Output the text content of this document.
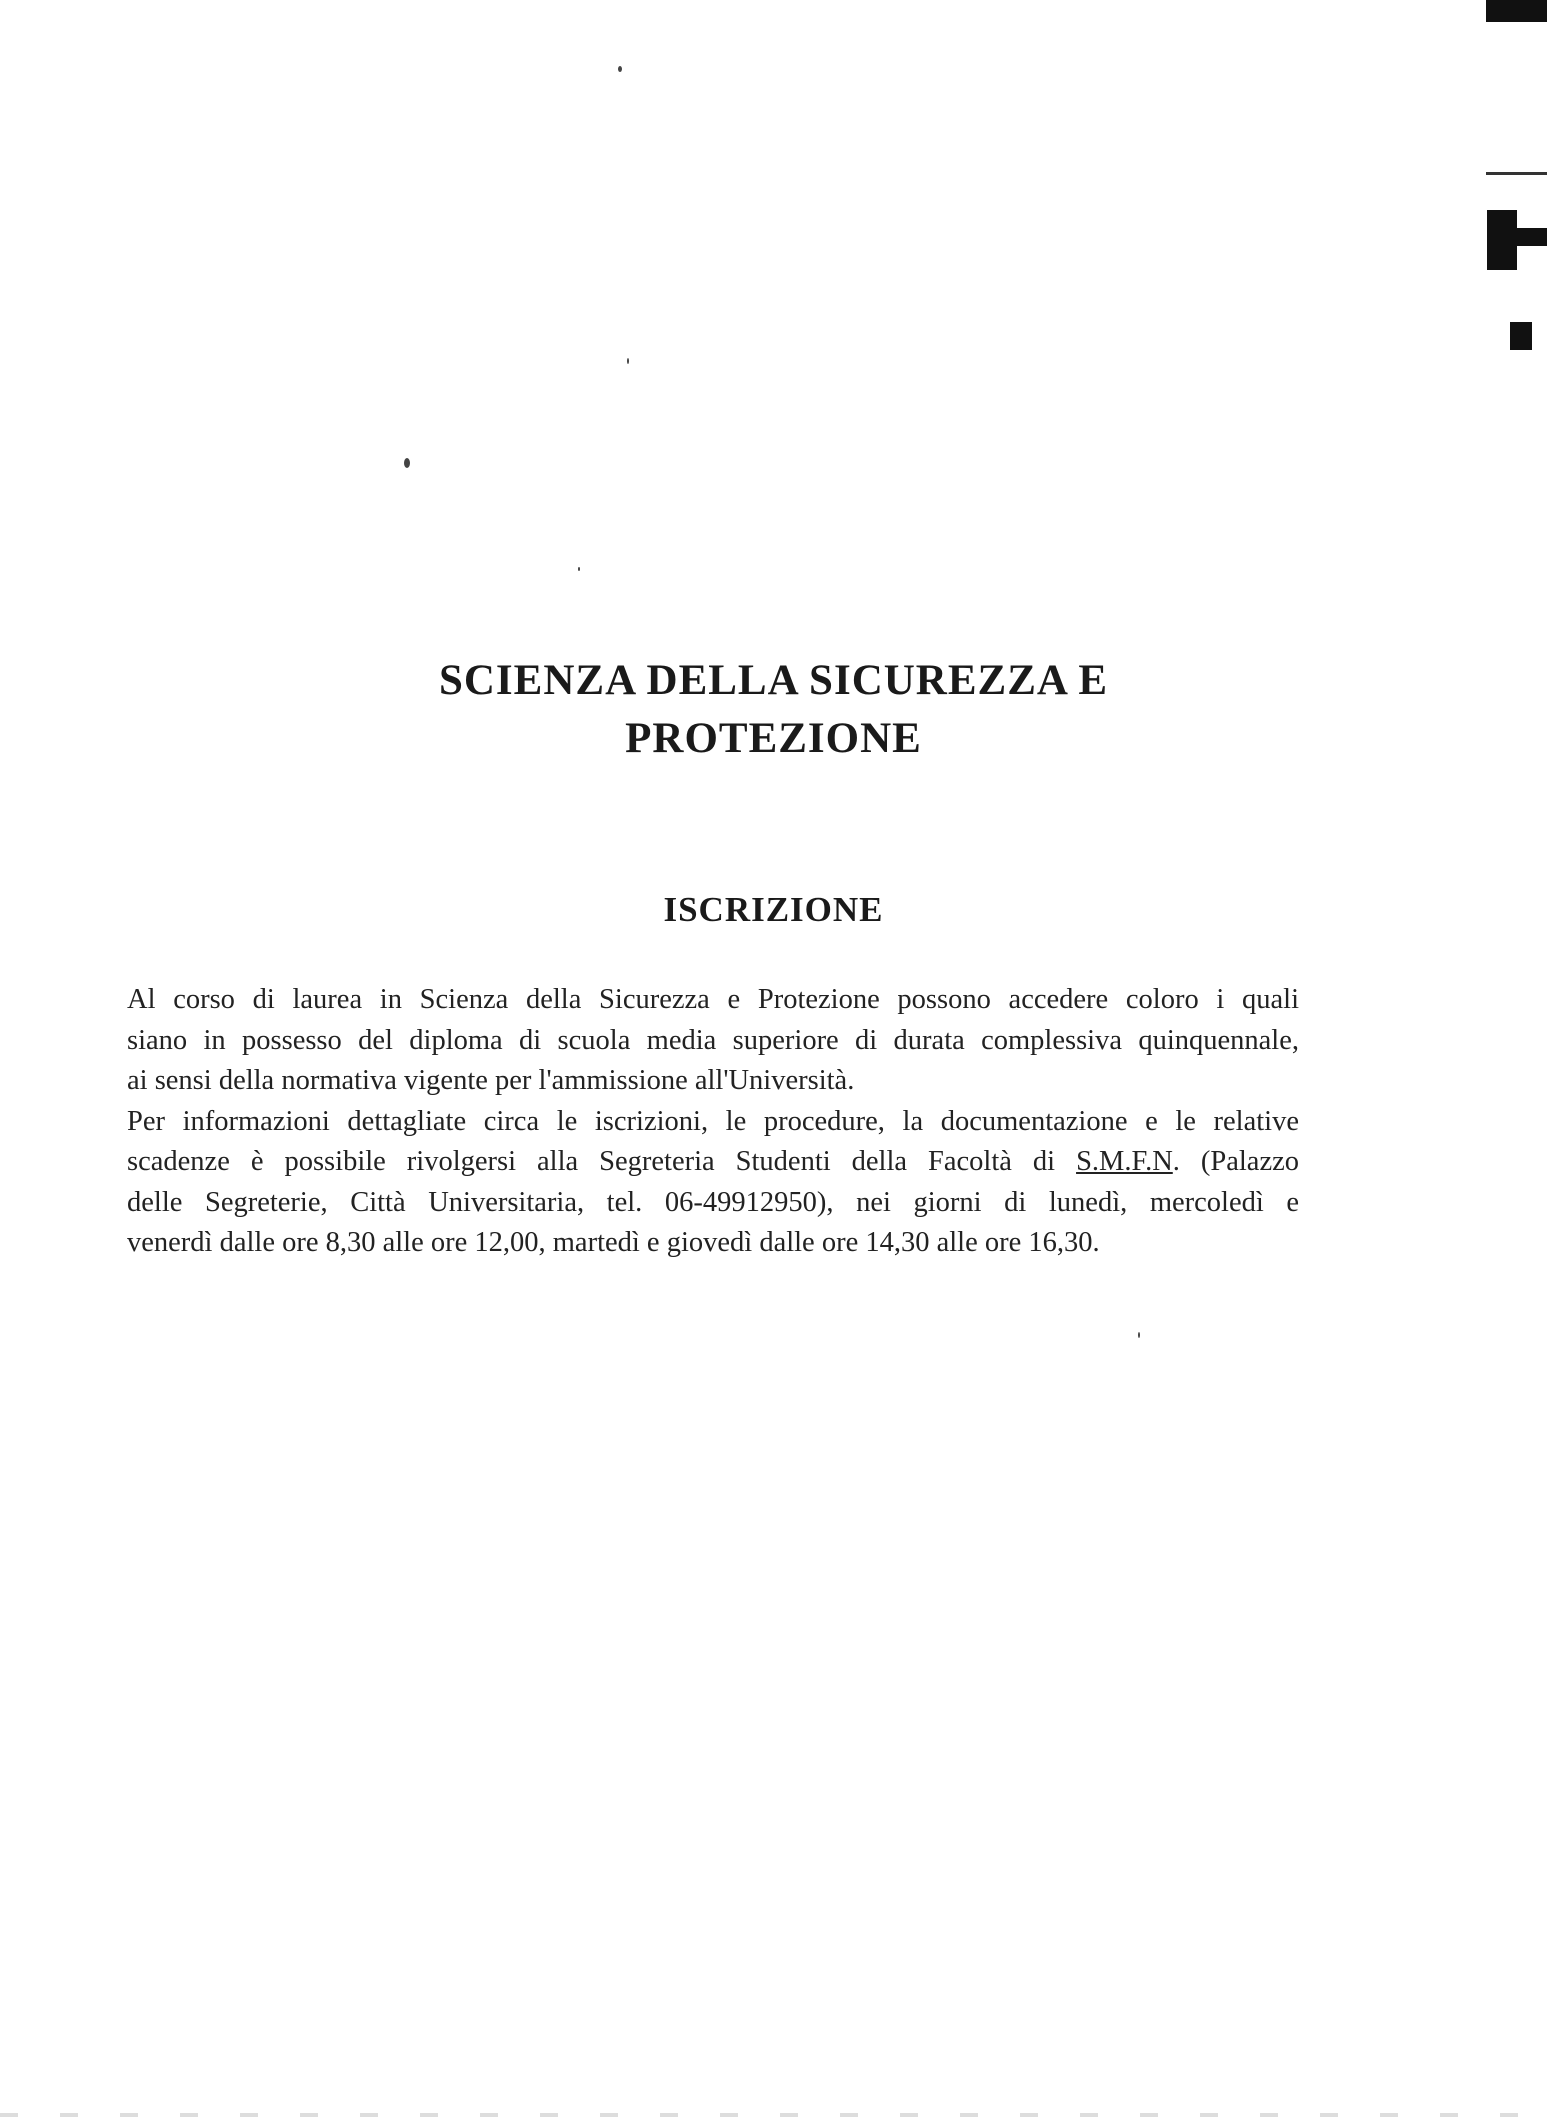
SCIENZA DELLA SICUREZZA E
PROTEZIONE
ISCRIZIONE
Al corso di laurea in Scienza della Sicurezza e Protezione possono accedere coloro i quali
siano in possesso del diploma di scuola media superiore di durata complessiva quinquennale,
ai sensi della normativa vigente per l'ammissione all'Università.
Per informazioni dettagliate circa le iscrizioni, le procedure, la documentazione e le relative
scadenze è possibile rivolgersi alla Segreteria Studenti della Facoltà di S.M.F.N. (Palazzo
delle Segreterie, Città Universitaria, tel. 06-49912950), nei giorni di lunedì, mercoledì e
venerdì dalle ore 8,30 alle ore 12,00, martedì e giovedì dalle ore 14,30 alle ore 16,30.
